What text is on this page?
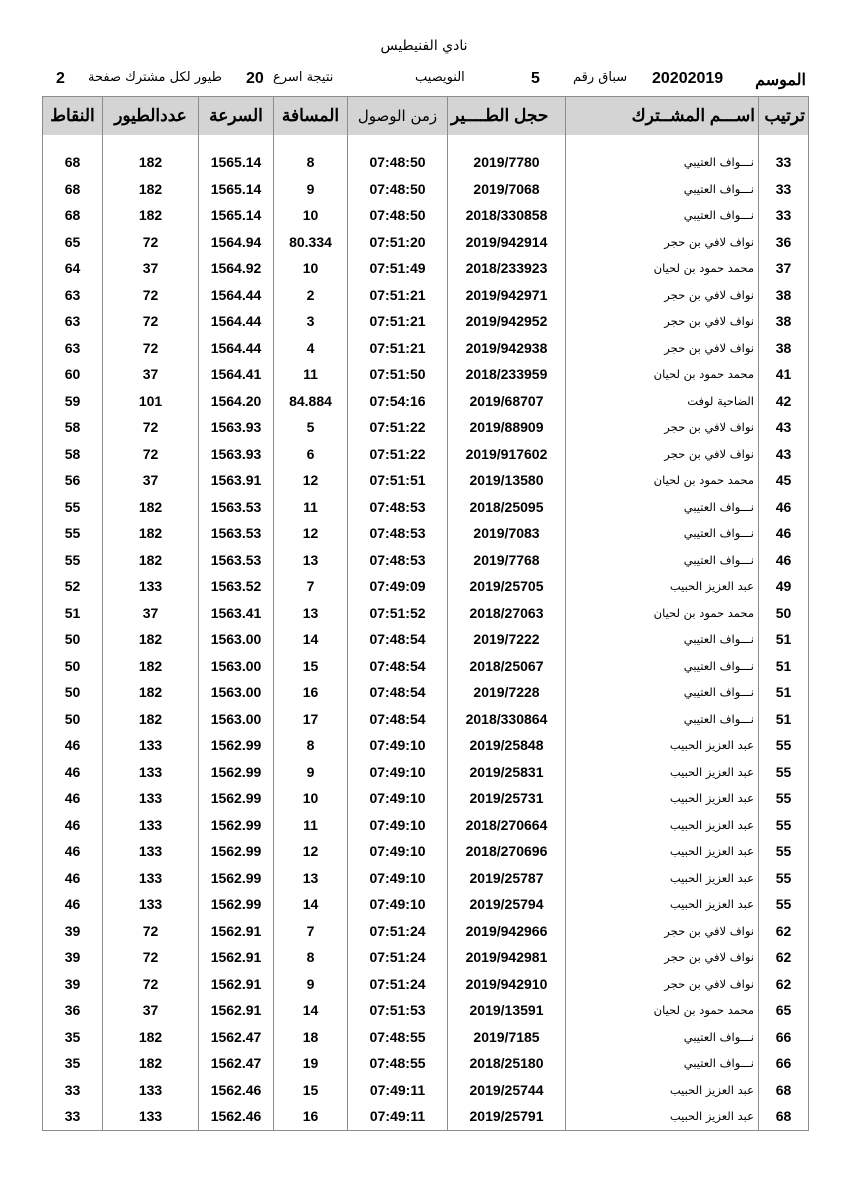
نادي الفنيطيس
الموسم
20202019
سباق رقم
5
النويصيب
نتيجة اسرع
20
طيور لكل مشترك صفحة
2
ترتيب	اســـم المشــترك	حجل الطــــير	زمن الوصول	المسافة	السرعة	عددالطيور	النقاط

33	نـــواف العتيبي	2019/7780	07:48:50	8	1565.14	182	68
33	نـــواف العتيبي	2019/7068	07:48:50	9	1565.14	182	68
33	نـــواف العتيبي	2018/330858	07:48:50	10	1565.14	182	68
36	نواف لافي بن حجر	2019/942914	07:51:20	80.334	1564.94	72	65
37	محمد حمود بن لحيان	2018/233923	07:51:49	10	1564.92	37	64
38	نواف لافي بن حجر	2019/942971	07:51:21	2	1564.44	72	63
38	نواف لافي بن حجر	2019/942952	07:51:21	3	1564.44	72	63
38	نواف لافي بن حجر	2019/942938	07:51:21	4	1564.44	72	63
41	محمد حمود بن لحيان	2018/233959	07:51:50	11	1564.41	37	60
42	الضاحية لوفت	2019/68707	07:54:16	84.884	1564.20	101	59
43	نواف لافي بن حجر	2019/88909	07:51:22	5	1563.93	72	58
43	نواف لافي بن حجر	2019/917602	07:51:22	6	1563.93	72	58
45	محمد حمود بن لحيان	2019/13580	07:51:51	12	1563.91	37	56
46	نـــواف العتيبي	2018/25095	07:48:53	11	1563.53	182	55
46	نـــواف العتيبي	2019/7083	07:48:53	12	1563.53	182	55
46	نـــواف العتيبي	2019/7768	07:48:53	13	1563.53	182	55
49	عبد العزيز الحبيب	2019/25705	07:49:09	7	1563.52	133	52
50	محمد حمود بن لحيان	2018/27063	07:51:52	13	1563.41	37	51
51	نـــواف العتيبي	2019/7222	07:48:54	14	1563.00	182	50
51	نـــواف العتيبي	2018/25067	07:48:54	15	1563.00	182	50
51	نـــواف العتيبي	2019/7228	07:48:54	16	1563.00	182	50
51	نـــواف العتيبي	2018/330864	07:48:54	17	1563.00	182	50
55	عبد العزيز الحبيب	2019/25848	07:49:10	8	1562.99	133	46
55	عبد العزيز الحبيب	2019/25831	07:49:10	9	1562.99	133	46
55	عبد العزيز الحبيب	2019/25731	07:49:10	10	1562.99	133	46
55	عبد العزيز الحبيب	2018/270664	07:49:10	11	1562.99	133	46
55	عبد العزيز الحبيب	2018/270696	07:49:10	12	1562.99	133	46
55	عبد العزيز الحبيب	2019/25787	07:49:10	13	1562.99	133	46
55	عبد العزيز الحبيب	2019/25794	07:49:10	14	1562.99	133	46
62	نواف لافي بن حجر	2019/942966	07:51:24	7	1562.91	72	39
62	نواف لافي بن حجر	2019/942981	07:51:24	8	1562.91	72	39
62	نواف لافي بن حجر	2019/942910	07:51:24	9	1562.91	72	39
65	محمد حمود بن لحيان	2019/13591	07:51:53	14	1562.91	37	36
66	نـــواف العتيبي	2019/7185	07:48:55	18	1562.47	182	35
66	نـــواف العتيبي	2018/25180	07:48:55	19	1562.47	182	35
68	عبد العزيز الحبيب	2019/25744	07:49:11	15	1562.46	133	33
68	عبد العزيز الحبيب	2019/25791	07:49:11	16	1562.46	133	33
